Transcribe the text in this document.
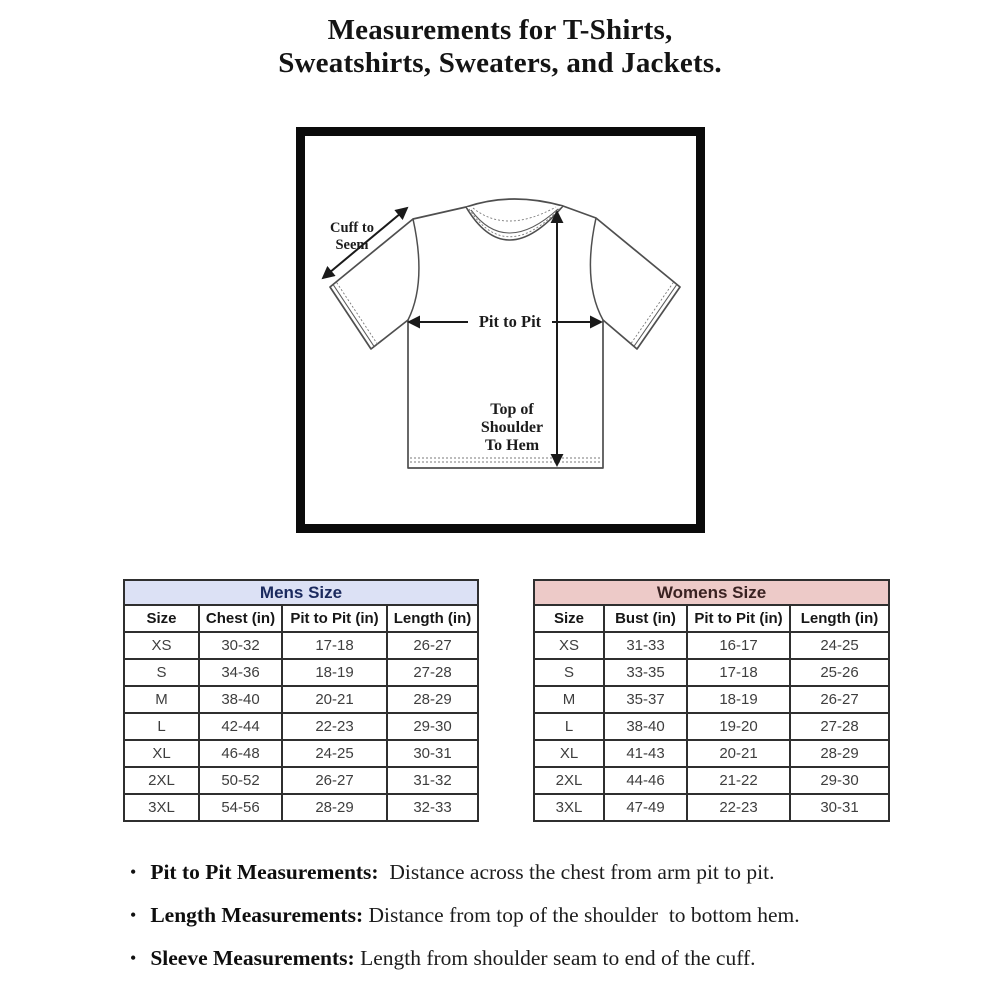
Measurements for T-Shirts,
Sweatshirts, Sweaters, and Jackets.
Cuff to
Seem
Pit to Pit
Top of
Shoulder
To Hem
Mens Size			
Size	Chest (in)	Pit to Pit (in)	Length (in)
XS	30-32	17-18	26-27
S	34-36	18-19	27-28
M	38-40	20-21	28-29
L	42-44	22-23	29-30
XL	46-48	24-25	30-31
2XL	50-52	26-27	31-32
3XL	54-56	28-29	32-33
Womens Size			
Size	Bust (in)	Pit to Pit (in)	Length (in)
XS	31-33	16-17	24-25
S	33-35	17-18	25-26
M	35-37	18-19	26-27
L	38-40	19-20	27-28
XL	41-43	20-21	28-29
2XL	44-46	21-22	29-30
3XL	47-49	22-23	30-31
• Pit to Pit Measurements:  Distance across the chest from arm pit to pit.
• Length Measurements: Distance from top of the shoulder  to bottom hem.
• Sleeve Measurements: Length from shoulder seam to end of the cuff.
